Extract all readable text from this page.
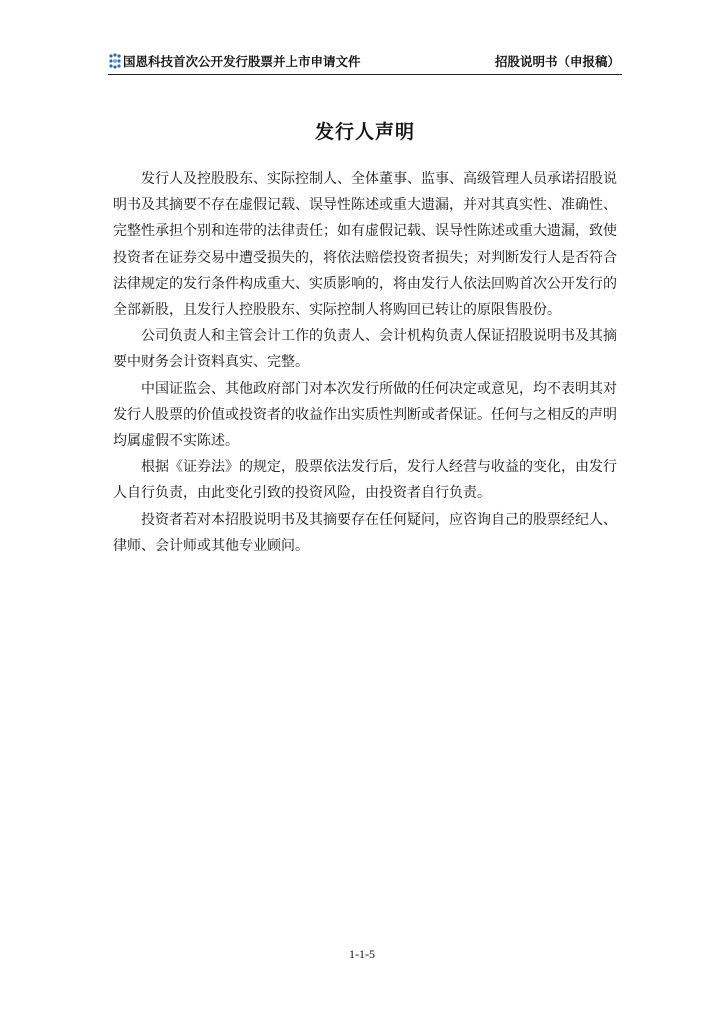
国恩科技首次公开发行股票并上市申请文件	招股说明书（申报稿）
发行人声明

发行人及控股股东、实际控制人、全体董事、监事、高级管理人员承诺招股说明书及其摘要不存在虚假记载、误导性陈述或重大遗漏，并对其真实性、准确性、完整性承担个别和连带的法律责任；如有虚假记载、误导性陈述或重大遗漏，致使投资者在证券交易中遭受损失的，将依法赔偿投资者损失；对判断发行人是否符合法律规定的发行条件构成重大、实质影响的，将由发行人依法回购首次公开发行的全部新股，且发行人控股股东、实际控制人将购回已转让的原限售股份。

公司负责人和主管会计工作的负责人、会计机构负责人保证招股说明书及其摘要中财务会计资料真实、完整。

中国证监会、其他政府部门对本次发行所做的任何决定或意见，均不表明其对发行人股票的价值或投资者的收益作出实质性判断或者保证。任何与之相反的声明均属虚假不实陈述。

根据《证券法》的规定，股票依法发行后，发行人经营与收益的变化，由发行人自行负责，由此变化引致的投资风险，由投资者自行负责。

投资者若对本招股说明书及其摘要存在任何疑问，应咨询自己的股票经纪人、律师、会计师或其他专业顾问。

1-1-5
